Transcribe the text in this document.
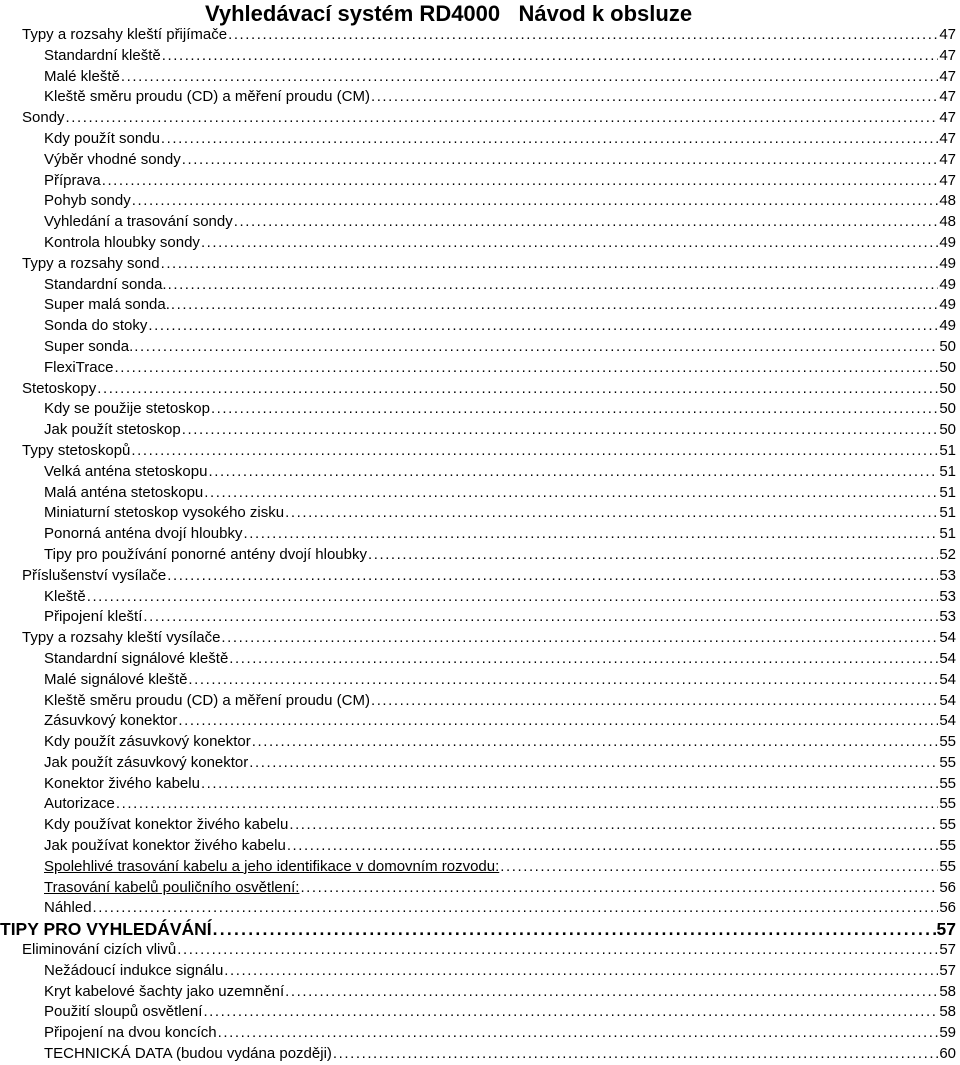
Vyhledávací systém RD4000   Návod k obsluze
Typy a rozsahy kleští přijímače . . .	47
Standardní kleště . . .	47
Malé kleště . . .	47
Kleště směru proudu (CD) a měření proudu (CM) . . .	47
Sondy . . .	47
Kdy použít sondu . . .	47
Výběr vhodné sondy . . .	47
Příprava . . .	47
Pohyb sondy . . .	48
Vyhledání a trasování sondy . . .	48
Kontrola hloubky sondy . . .	49
Typy a rozsahy sond . . .	49
Standardní sonda. . . .	49
Super malá sonda. . . .	49
Sonda do stoky . . .	49
Super sonda. . . .	50
FlexiTrace . . .	50
Stetoskopy . . .	50
Kdy se použije stetoskop . . .	50
Jak použít stetoskop . . .	50
Typy stetoskopů . . .	51
Velká anténa stetoskopu . . .	51
Malá anténa stetoskopu . . .	51
Miniaturní stetoskop vysokého zisku . . .	51
Ponorná anténa dvojí hloubky . . .	51
Tipy pro používání ponorné antény dvojí hloubky . . .	52
Příslušenství vysílače . . .	53
Kleště . . .	53
Připojení kleští . . .	53
Typy a rozsahy kleští vysílače . . .	54
Standardní signálové kleště . . .	54
Malé signálové kleště . . .	54
Kleště směru proudu (CD) a měření proudu (CM) . . .	54
Zásuvkový konektor . . .	54
Kdy použít zásuvkový konektor . . .	55
Jak použít zásuvkový konektor . . .	55
Konektor živého kabelu . . .	55
Autorizace . . .	55
Kdy používat konektor živého kabelu . . .	55
Jak používat konektor živého kabelu . . .	55
Spolehlivé trasování kabelu a jeho identifikace v domovním rozvodu: . . .	55
Trasování kabelů pouličního osvětlení: . . .	56
Náhled . . .	56
TIPY PRO VYHLEDÁVÁNÍ . . .	57
Eliminování cizích vlivů . . .	57
Nežádoucí indukce signálu . . .	57
Kryt kabelové šachty jako uzemnění . . .	58
Použití sloupů osvětlení . . .	58
Připojení na dvou koncích . . .	59
TECHNICKÁ DATA (budou vydána později) . . .	60
